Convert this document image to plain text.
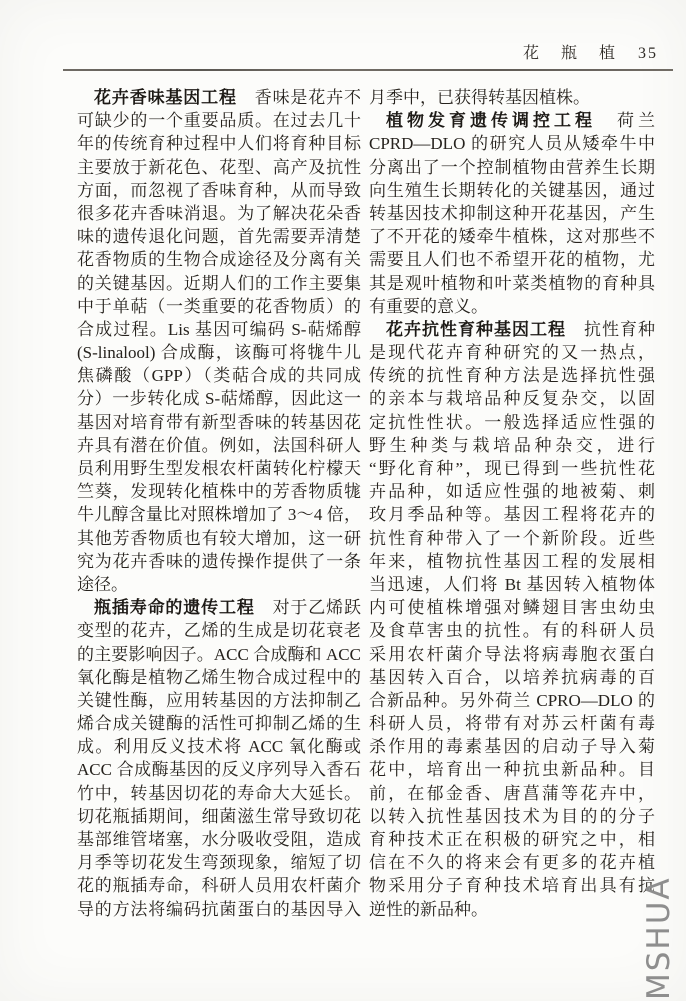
花 瓶 植 35
花卉香味基因工程　香味是花卉不
可缺少的一个重要品质。在过去几十
年的传统育种过程中人们将育种目标
主要放于新花色、花型、高产及抗性
方面，而忽视了香味育种，从而导致
很多花卉香味消退。为了解决花朵香
味的遗传退化问题，首先需要弄清楚
花香物质的生物合成途径及分离有关
的关键基因。近期人们的工作主要集
中于单萜（一类重要的花香物质）的
合成过程。Lis 基因可编码 S-萜烯醇
(S-linalool) 合成酶，该酶可将牻牛儿
焦磷酸（GPP）（类萜合成的共同成
分）一步转化成 S-萜烯醇，因此这一
基因对培育带有新型香味的转基因花
卉具有潜在价值。例如，法国科研人
员利用野生型发根农杆菌转化柠檬天
竺葵，发现转化植株中的芳香物质牻
牛儿醇含量比对照株增加了 3～4 倍，
其他芳香物质也有较大增加，这一研
究为花卉香味的遗传操作提供了一条
途径。
瓶插寿命的遗传工程　对于乙烯跃
变型的花卉，乙烯的生成是切花衰老
的主要影响因子。ACC 合成酶和 ACC
氧化酶是植物乙烯生物合成过程中的
关键性酶，应用转基因的方法抑制乙
烯合成关键酶的活性可抑制乙烯的生
成。利用反义技术将 ACC 氧化酶或
ACC 合成酶基因的反义序列导入香石
竹中，转基因切花的寿命大大延长。
切花瓶插期间，细菌滋生常导致切花
基部维管堵塞，水分吸收受阻，造成
月季等切花发生弯颈现象，缩短了切
花的瓶插寿命，科研人员用农杆菌介
导的方法将编码抗菌蛋白的基因导入
月季中，已获得转基因植株。
植物发育遗传调控工程　荷兰
CPRD—DLO 的研究人员从矮牵牛中
分离出了一个控制植物由营养生长期
向生殖生长期转化的关键基因，通过
转基因技术抑制这种开花基因，产生
了不开花的矮牵牛植株，这对那些不
需要且人们也不希望开花的植物，尤
其是观叶植物和叶菜类植物的育种具
有重要的意义。
花卉抗性育种基因工程　抗性育种
是现代花卉育种研究的又一热点，
传统的抗性育种方法是选择抗性强
的亲本与栽培品种反复杂交，以固
定抗性性状。一般选择适应性强的
野生种类与栽培品种杂交，进行
“野化育种”，现已得到一些抗性花
卉品种，如适应性强的地被菊、刺
玫月季品种等。基因工程将花卉的
抗性育种带入了一个新阶段。近些
年来，植物抗性基因工程的发展相
当迅速，人们将 Bt 基因转入植物体
内可使植株增强对鳞翅目害虫幼虫
及食草害虫的抗性。有的科研人员
采用农杆菌介导法将病毒胞衣蛋白
基因转入百合，以培养抗病毒的百
合新品种。另外荷兰 CPRO—DLO 的
科研人员，将带有对苏云杆菌有毒
杀作用的毒素基因的启动子导入菊
花中，培育出一种抗虫新品种。目
前，在郁金香、唐菖蒲等花卉中，
以转入抗性基因技术为目的的分子
育种技术正在积极的研究之中，相
信在不久的将来会有更多的花卉植
物采用分子育种技术培育出具有抗
逆性的新品种。	MSHUA
